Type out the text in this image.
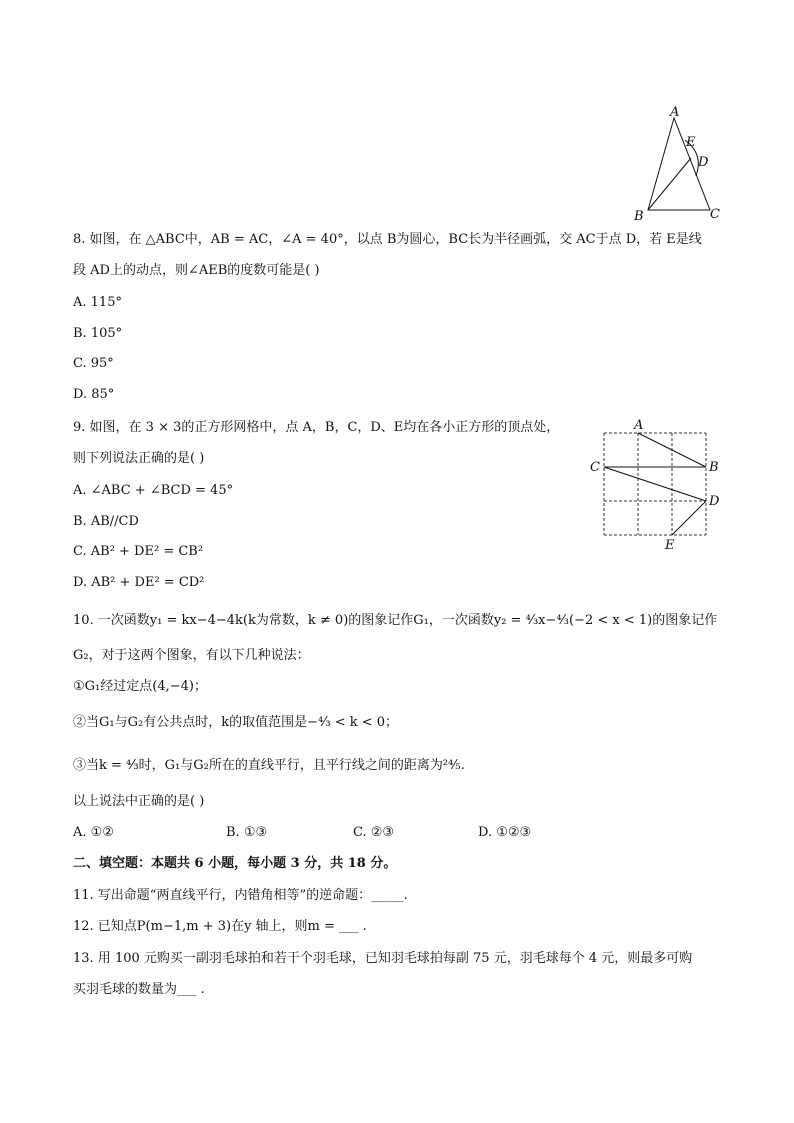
A
E
D
B	C
8. 如图，在 △ABC中，AB = AC，∠A = 40°，以点 B为圆心，BC长为半径画弧，交 AC于点 D，若 E是线
段 AD上的动点，则∠AEB的度数可能是( )
A. 115°
B. 105°
C. 95°
D. 85°
9. 如图，在 3 × 3的正方形网格中，点 A，B，C，D、E均在各小正方形的顶点处，
则下列说法正确的是( )
A. ∠ABC + ∠BCD = 45°
B. AB//CD
C. AB² + DE² = CB²
D. AB² + DE² = CD²
A
B
C
D
E
10. 一次函数y₁ = kx−4−4k(k为常数，k ≠ 0)的图象记作G₁，一次函数y₂ = ⁴⁄₃x−⁴⁄₃(−2 < x < 1)的图象记作
G₂，对于这两个图象，有以下几种说法：
①G₁经过定点(4,−4)；
②当G₁与G₂有公共点时，k的取值范围是−⁴⁄₃ < k < 0；
③当k = ⁴⁄₃时，G₁与G₂所在的直线平行，且平行线之间的距离为²⁴⁄₅.
以上说法中正确的是( )
A. ①②	B. ①③	C. ②③	D. ①②③
二、填空题：本题共 6 小题，每小题 3 分，共 18 分。
11. 写出命题“两直线平行，内错角相等”的逆命题：_____.
12. 已知点P(m−1,m + 3)在y 轴上，则m = ___ .
13. 用 100 元购买一副羽毛球拍和若干个羽毛球，已知羽毛球拍每副 75 元，羽毛球每个 4 元，则最多可购
买羽毛球的数量为___ .
